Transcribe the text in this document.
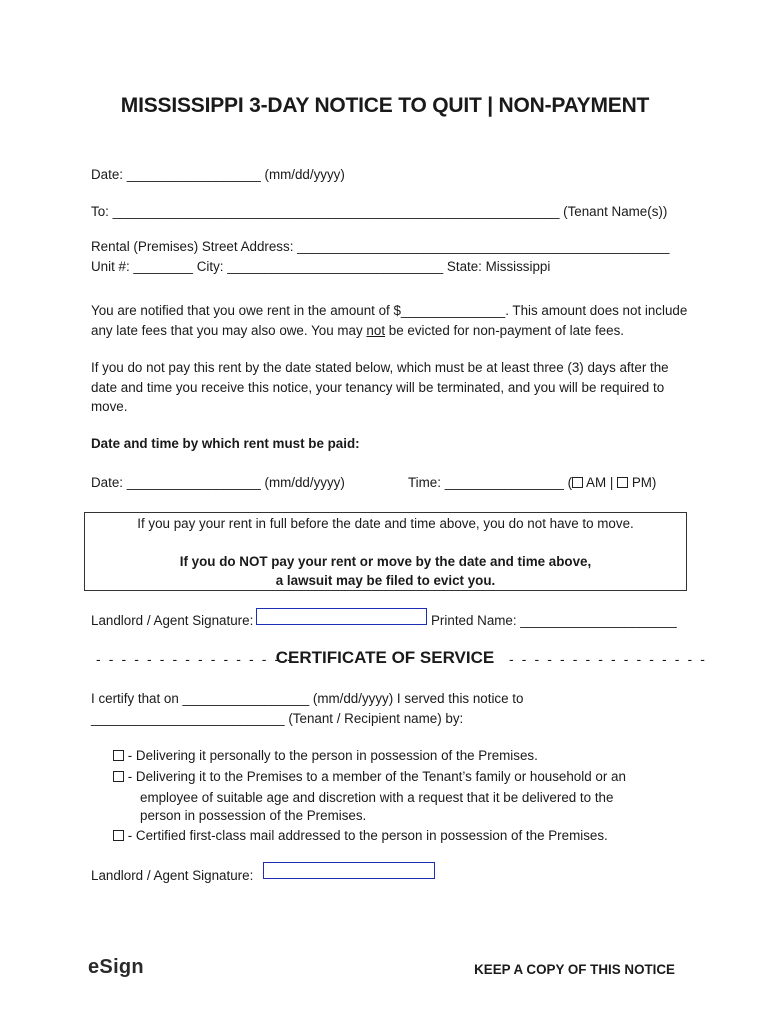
MISSISSIPPI 3-DAY NOTICE TO QUIT | NON-PAYMENT
Date: __________________ (mm/dd/yyyy)
To: ____________________________________________________________ (Tenant Name(s))
Rental (Premises) Street Address: __________________________________________________
Unit #: ________ City: _____________________________ State: Mississippi
You are notified that you owe rent in the amount of $______________. This amount does not include any late fees that you may also owe. You may not be evicted for non-payment of late fees.
If you do not pay this rent by the date stated below, which must be at least three (3) days after the date and time you receive this notice, your tenancy will be terminated, and you will be required to move.
Date and time by which rent must be paid:
Date: __________________ (mm/dd/yyyy)	Time: ________________ ( AM | PM)
If you pay your rent in full before the date and time above, you do not have to move.
If you do NOT pay your rent or move by the date and time above,
a lawsuit may be filed to evict you.
Landlord / Agent Signature:	Printed Name: _____________________
- - - - - - - - - - - - - - - -
CERTIFICATE OF SERVICE	- - - - - - - - - - - - - - - -
I certify that on _________________ (mm/dd/yyyy) I served this notice to
__________________________ (Tenant / Recipient name) by:
- Delivering it personally to the person in possession of the Premises.
- Delivering it to the Premises to a member of the Tenant’s family or household or an
employee of suitable age and discretion with a request that it be delivered to the
person in possession of the Premises.
- Certified first-class mail addressed to the person in possession of the Premises.
Landlord / Agent Signature:
eSign	KEEP A COPY OF THIS NOTICE
